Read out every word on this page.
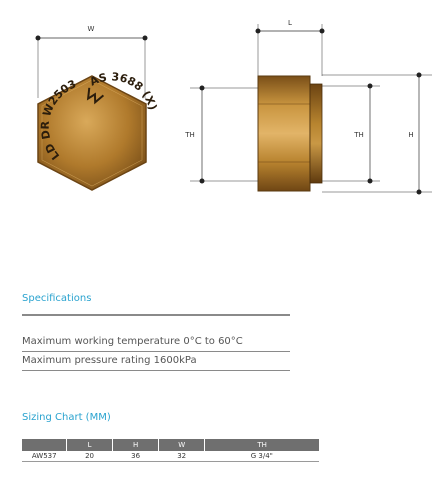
W
LD DR W2503 AS 3688 (X)
L
TH	TH	H
Specifications
Maximum working temperature 0°C to 60°C
Maximum pressure rating 1600kPa
Sizing Chart (MM)
	L	H	W	TH
AW537	20	36	32	G 3/4"
